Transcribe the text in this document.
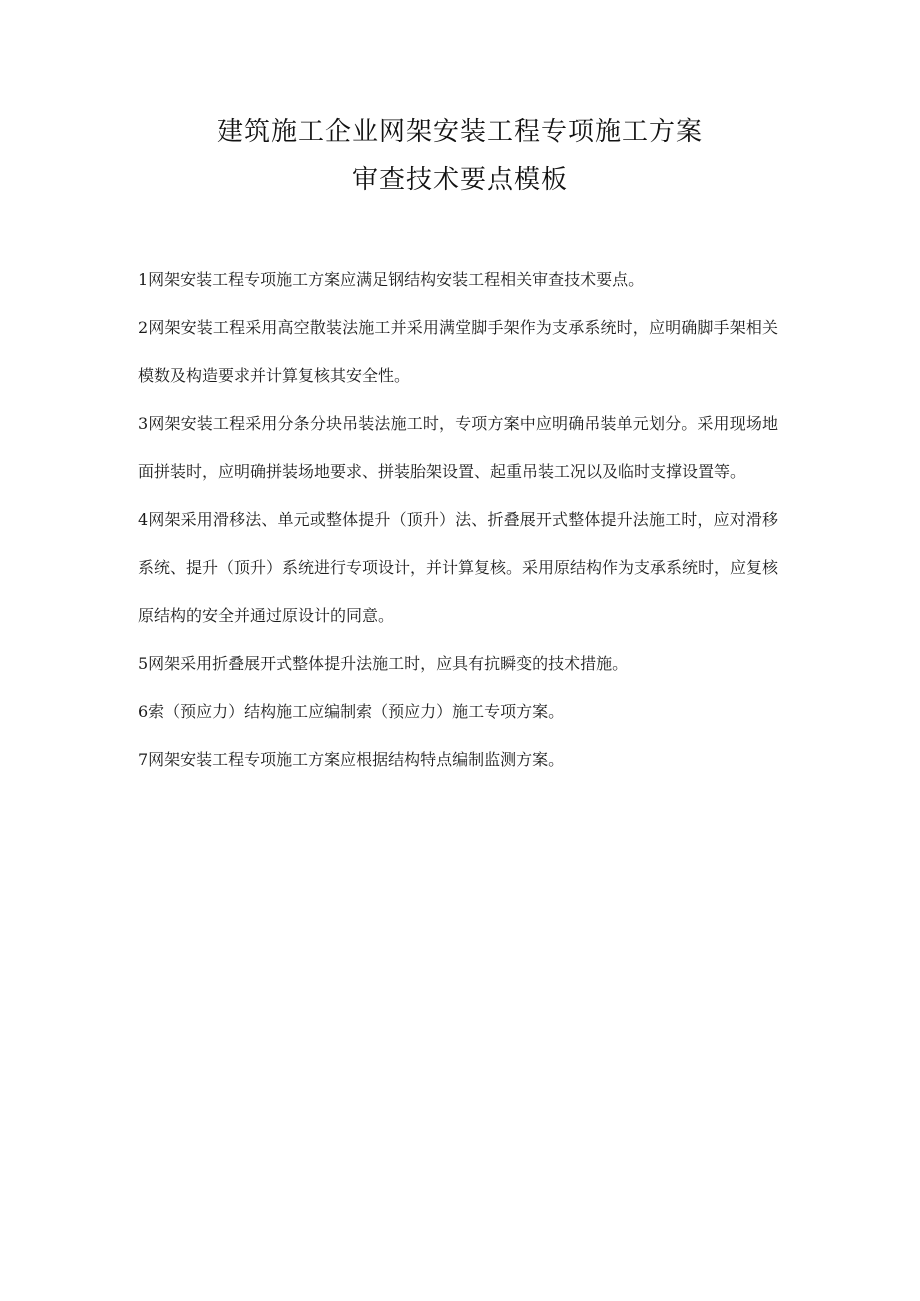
建筑施工企业网架安装工程专项施工方案
审查技术要点模板

1网架安装工程专项施工方案应满足钢结构安装工程相关审查技术要点。

2网架安装工程采用高空散装法施工并采用满堂脚手架作为支承系统时，应明确脚手架相关模数及构造要求并计算复核其安全性。

3网架安装工程采用分条分块吊装法施工时，专项方案中应明确吊装单元划分。采用现场地面拼装时，应明确拼装场地要求、拼装胎架设置、起重吊装工况以及临时支撑设置等。

4网架采用滑移法、单元或整体提升（顶升）法、折叠展开式整体提升法施工时，应对滑移系统、提升（顶升）系统进行专项设计，并计算复核。采用原结构作为支承系统时，应复核原结构的安全并通过原设计的同意。

5网架采用折叠展开式整体提升法施工时，应具有抗瞬变的技术措施。

6索（预应力）结构施工应编制索（预应力）施工专项方案。

7网架安装工程专项施工方案应根据结构特点编制监测方案。
